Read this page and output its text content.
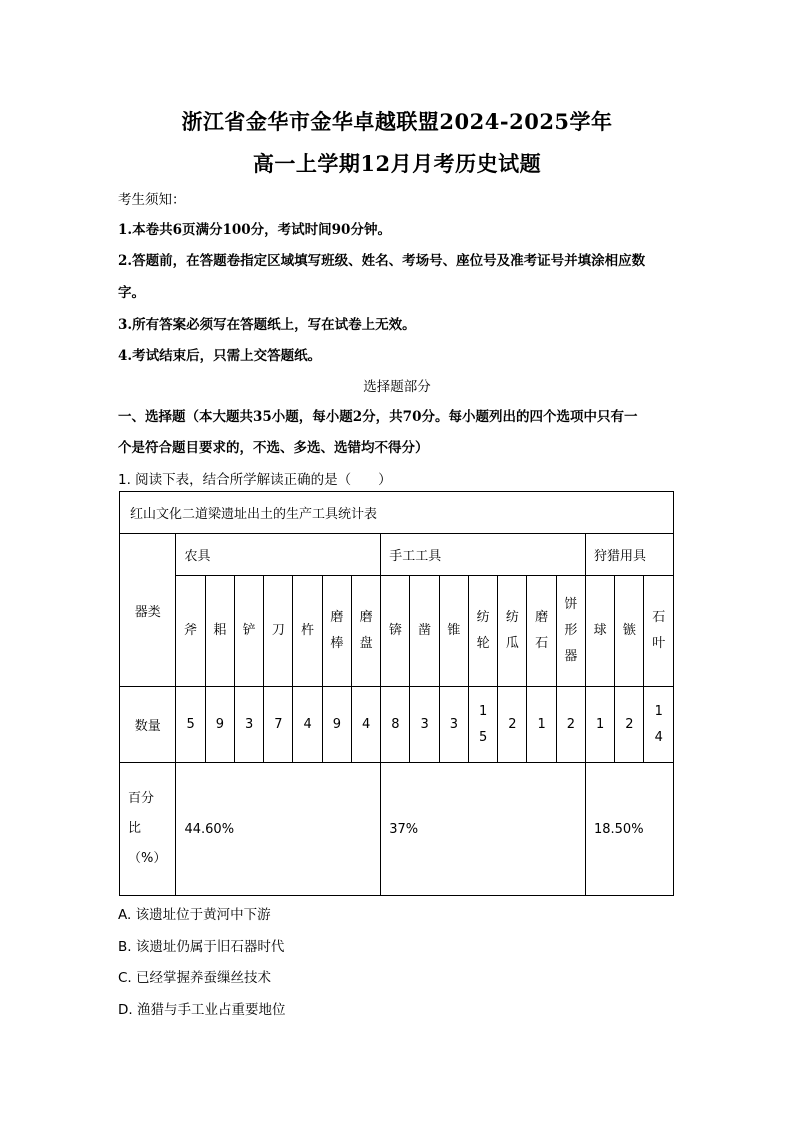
浙江省金华市金华卓越联盟2024-2025学年
高一上学期12月月考历史试题
考生须知：
1.本卷共6页满分100分，考试时间90分钟。
2.答题前，在答题卷指定区域填写班级、姓名、考场号、座位号及准考证号并填涂相应数
字。
3.所有答案必须写在答题纸上，写在试卷上无效。
4.考试结束后，只需上交答题纸。
选择题部分
一、选择题（本大题共35小题，每小题2分，共70分。每小题列出的四个选项中只有一
个是符合题目要求的，不选、多选、选错均不得分）
1. 阅读下表，结合所学解读正确的是（　　）
红山文化二道梁遗址出土的生产工具统计表																	
器类	农具							手工工具							狩猎用具		
	斧	耜	铲	刀	杵	磨棒	磨盘	锛	凿	锥	纺轮	纺瓜	磨石	饼形器	球	镞	石叶
数量	5	9	3	7	4	9	4	8	3	3	15	2	1	2	1	2	14
百分比（%）	44.60%							37%							18.50%		
A. 该遗址位于黄河中下游
B. 该遗址仍属于旧石器时代
C. 已经掌握养蚕缫丝技术
D. 渔猎与手工业占重要地位
